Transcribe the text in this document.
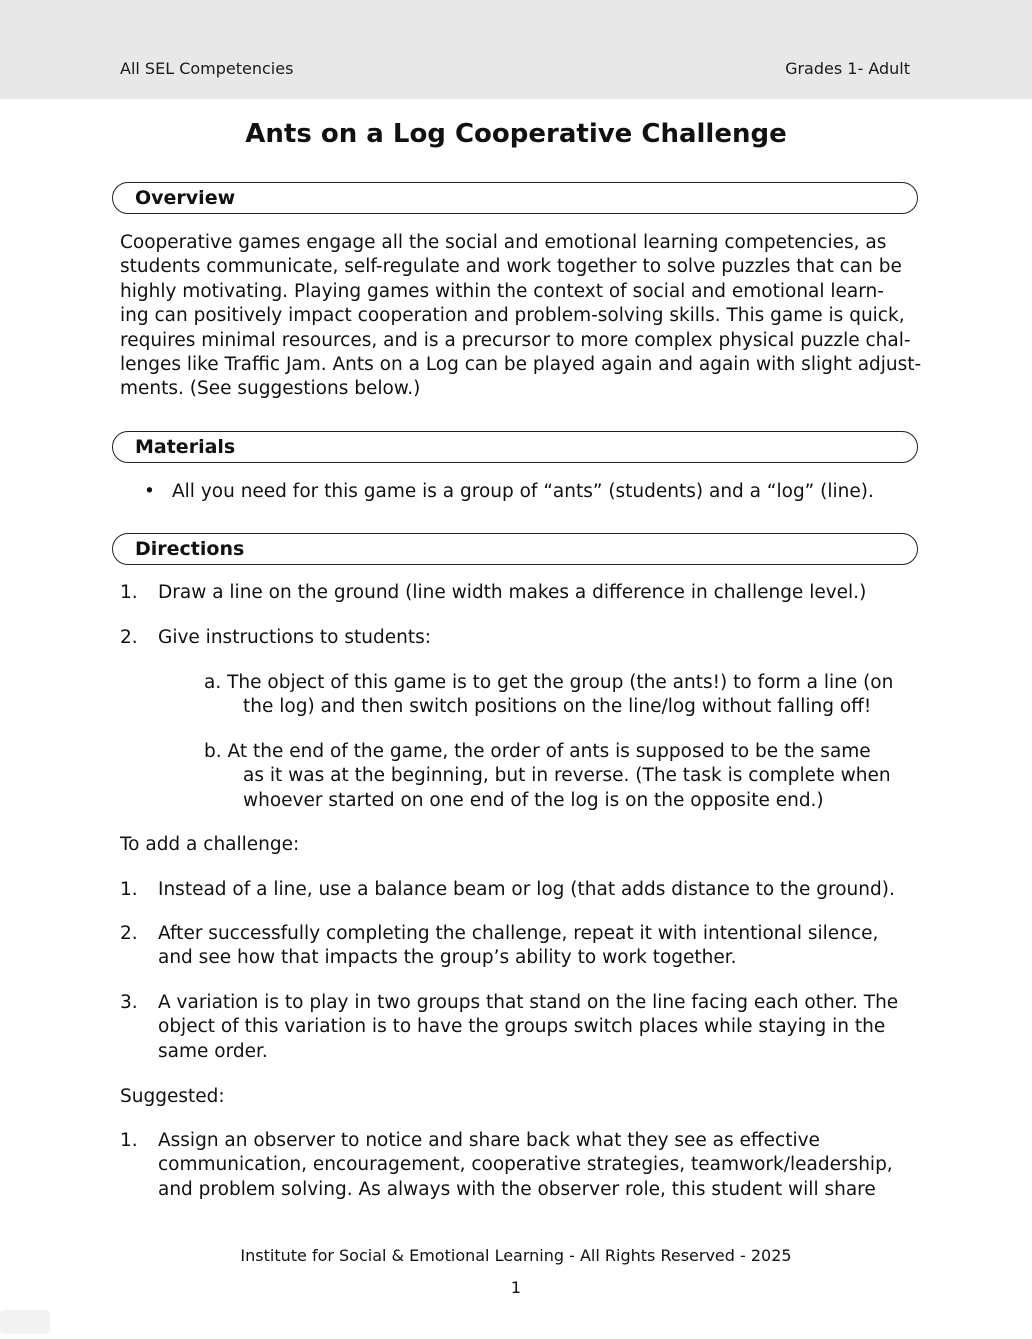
All SEL Competencies	Grades 1- Adult
Ants on a Log Cooperative Challenge
Overview
Cooperative games engage all the social and emotional learning competencies, as
students communicate, self-regulate and work together to solve puzzles that can be
highly motivating. Playing games within the context of social and emotional learn-
ing can positively impact cooperation and problem-solving skills. This game is quick,
requires minimal resources, and is a precursor to more complex physical puzzle chal-
lenges like Traffic Jam. Ants on a Log can be played again and again with slight adjust-
ments. (See suggestions below.)
Materials
• All you need for this game is a group of “ants” (students) and a “log” (line).
Directions
1. Draw a line on the ground (line width makes a difference in challenge level.)
2. Give instructions to students:
a. The object of this game is to get the group (the ants!) to form a line (on
the log) and then switch positions on the line/log without falling off!
b. At the end of the game, the order of ants is supposed to be the same
as it was at the beginning, but in reverse. (The task is complete when
whoever started on one end of the log is on the opposite end.)
To add a challenge:
1. Instead of a line, use a balance beam or log (that adds distance to the ground).
2. After successfully completing the challenge, repeat it with intentional silence,
and see how that impacts the group’s ability to work together.
3. A variation is to play in two groups that stand on the line facing each other. The
object of this variation is to have the groups switch places while staying in the
same order.
Suggested:
1. Assign an observer to notice and share back what they see as effective
communication, encouragement, cooperative strategies, teamwork/leadership,
and problem solving. As always with the observer role, this student will share
Institute for Social & Emotional Learning - All Rights Reserved - 2025
1
